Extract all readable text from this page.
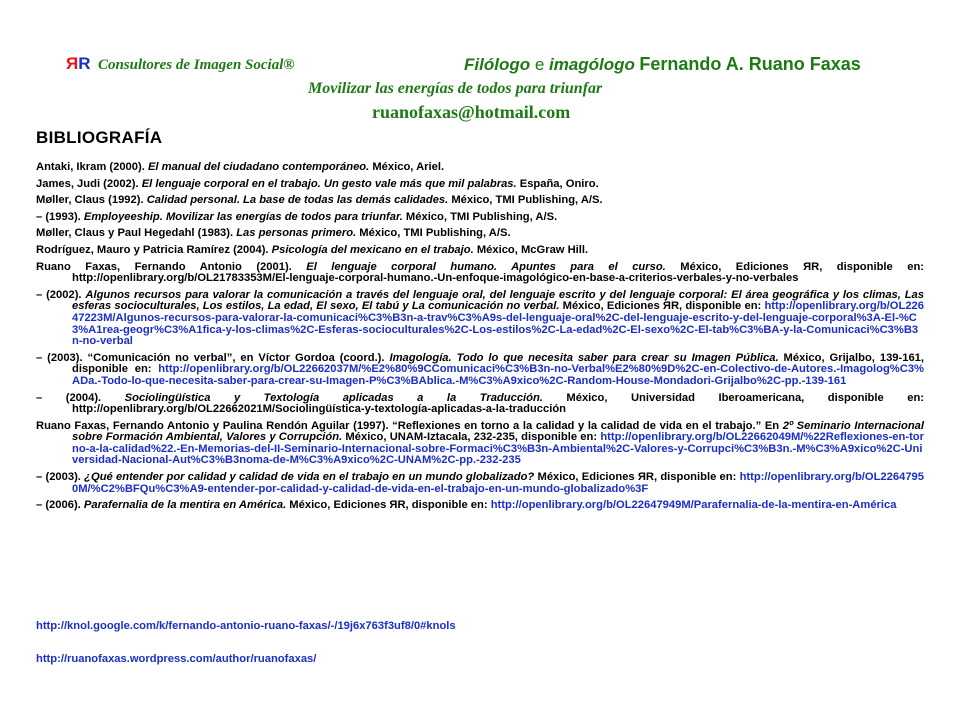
ЯR Consultores de Imagen Social®	Filólogo e imagólogo Fernando A. Ruano Faxas
Movilizar las energías de todos para triunfar
ruanofaxas@hotmail.com
BIBLIOGRAFÍA
Antaki, Ikram (2000). El manual del ciudadano contemporáneo. México, Ariel.
James, Judi (2002). El lenguaje corporal en el trabajo. Un gesto vale más que mil palabras. España, Oniro.
Møller, Claus (1992). Calidad personal. La base de todas las demás calidades. México, TMI Publishing, A/S.
– (1993). Employeeship. Movilizar las energías de todos para triunfar. México, TMI Publishing, A/S.
Møller, Claus y Paul Hegedahl (1983). Las personas primero. México, TMI Publishing, A/S.
Rodríguez, Mauro y Patricia Ramírez (2004). Psicología del mexicano en el trabajo. México, McGraw Hill.
Ruano Faxas, Fernando Antonio (2001). El lenguaje corporal humano. Apuntes para el curso. México, Ediciones ЯR, disponible en: http://openlibrary.org/b/OL21783353M/El-lenguaje-corporal-humano.-Un-enfoque-imagológico-en-base-a-criterios-verbales-y-no-verbales
– (2002). Algunos recursos para valorar la comunicación a través del lenguaje oral, del lenguaje escrito y del lenguaje corporal: El área geográfica y los climas, Las esferas socioculturales, Los estilos, La edad, El sexo, El tabú y La comunicación no verbal. México, Ediciones ЯR, disponible en: http://openlibrary.org/b/OL22647223M/Algunos-recursos-para-valorar-la-comunicaci%C3%B3n-a-trav%C3%A9s-del-lenguaje-oral%2C-del-lenguaje-escrito-y-del-lenguaje-corporal%3A-El-%C3%A1rea-geogr%C3%A1fica-y-los-climas%2C-Esferas-socioculturales%2C-Los-estilos%2C-La-edad%2C-El-sexo%2C-El-tab%C3%BA-y-la-Comunicaci%C3%B3n-no-verbal
– (2003). “Comunicación no verbal”, en Víctor Gordoa (coord.). Imagología. Todo lo que necesita saber para crear su Imagen Pública. México, Grijalbo, 139-161, disponible en: http://openlibrary.org/b/OL22662037M/%E2%80%9CComunicaci%C3%B3n-no-Verbal%E2%80%9D%2C-en-Colectivo-de-Autores.-Imagolog%C3%ADa.-Todo-lo-que-necesita-saber-para-crear-su-Imagen-P%C3%BAblica.-M%C3%A9xico%2C-Random-House-Mondadori-Grijalbo%2C-pp.-139-161
– (2004). Sociolingüística y Textología aplicadas a la Traducción. México, Universidad Iberoamericana, disponible en: http://openlibrary.org/b/OL22662021M/Sociolingüística-y-textología-aplicadas-a-la-traducción
Ruano Faxas, Fernando Antonio y Paulina Rendón Aguilar (1997). “Reflexiones en torno a la calidad y la calidad de vida en el trabajo.” En 2º Seminario Internacional sobre Formación Ambiental, Valores y Corrupción. México, UNAM-Iztacala, 232-235, disponible en: http://openlibrary.org/b/OL22662049M/%22Reflexiones-en-torno-a-la-calidad%22.-En-Memorias-del-II-Seminario-Internacional-sobre-Formaci%C3%B3n-Ambiental%2C-Valores-y-Corrupci%C3%B3n.-M%C3%A9xico%2C-Universidad-Nacional-Aut%C3%B3noma-de-M%C3%A9xico%2C-UNAM%2C-pp.-232-235
– (2003). ¿Qué entender por calidad y calidad de vida en el trabajo en un mundo globalizado? México, Ediciones ЯR, disponible en: http://openlibrary.org/b/OL22647950M/%C2%BFQu%C3%A9-entender-por-calidad-y-calidad-de-vida-en-el-trabajo-en-un-mundo-globalizado%3F
– (2006). Parafernalia de la mentira en América. México, Ediciones ЯR, disponible en: http://openlibrary.org/b/OL22647949M/Parafernalia-de-la-mentira-en-América
http://knol.google.com/k/fernando-antonio-ruano-faxas/-/19j6x763f3uf8/0#knols
http://ruanofaxas.wordpress.com/author/ruanofaxas/
